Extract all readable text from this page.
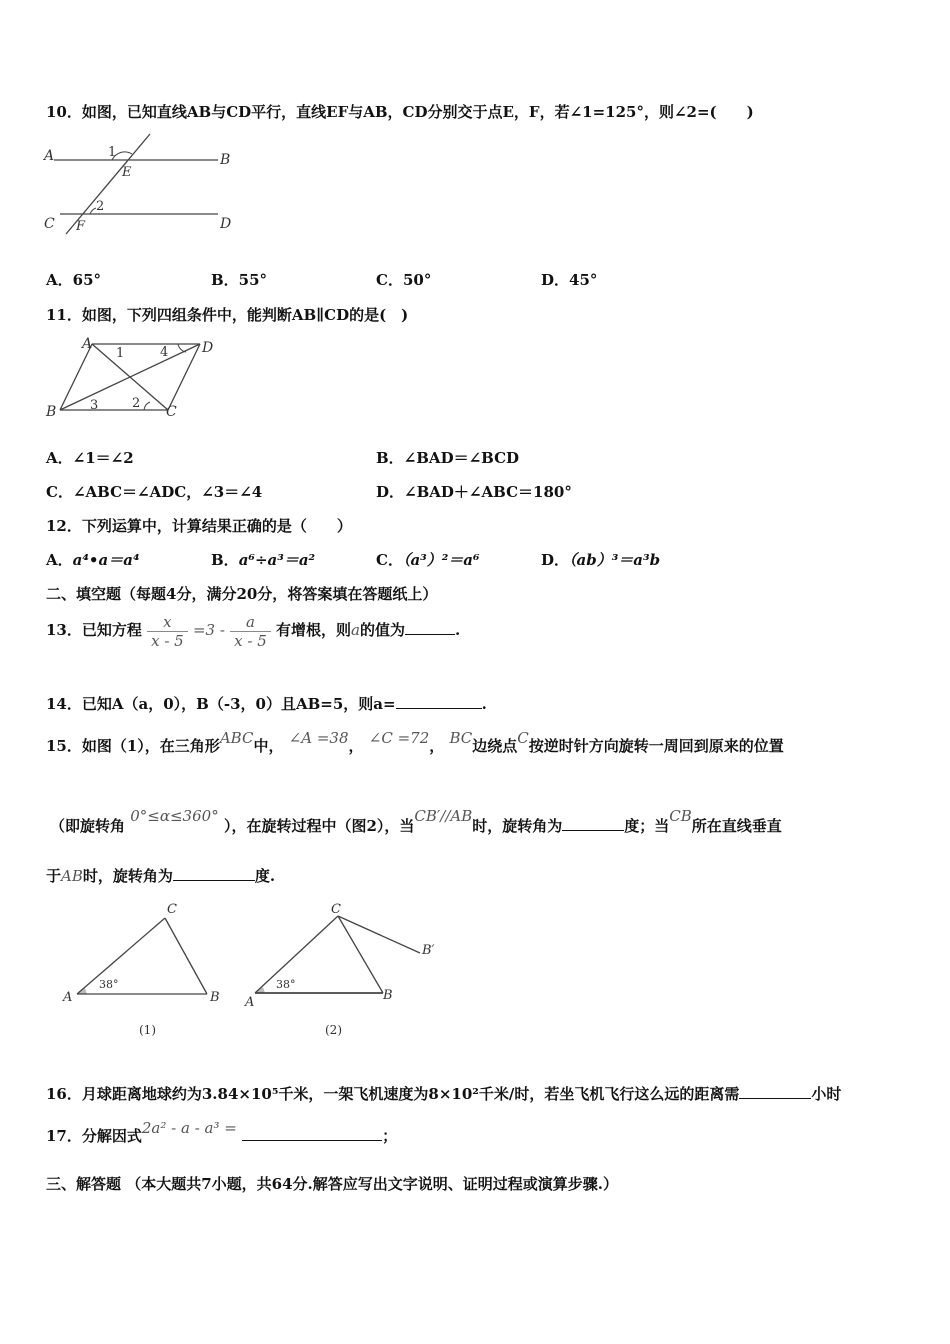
10．如图，已知直线AB与CD平行，直线EF与AB，CD分别交于点E，F，若∠1=125°，则∠2=(　　)
A	B
C	D
E
F
1
2
A．65°	B．55°	C．50°	D．45°
11．如图，下列四组条件中，能判断AB∥CD的是(　)
A	D
B	C
1	4
3	2
A．∠1＝∠2	B．∠BAD＝∠BCD
C．∠ABC＝∠ADC，∠3＝∠4	D．∠BAD＋∠ABC＝180°
12．下列运算中，计算结果正确的是（　　）
A．a⁴•a＝a⁴	B．a⁶÷a³＝a²	C．（a³）²＝a⁶	D．（ab）³＝a³b
二、填空题（每题4分，满分20分，将答案填在答题纸上）
13．已知方程 $\frac{x}{x - 5} =3 - \frac{a}{x - 5}$ 有增根，则a的值为	.
14．已知A（a，0），B（-3，0）且AB=5，则a=	.
15．如图（1），在三角形ABC中， ∠A =38， ∠C =72， BC边绕点C按逆时针方向旋转一周回到原来的位置
（即旋转角 0°≤α≤360° ），在旋转过程中（图2），当CB′//AB时，旋转角为	度；当CB所在直线垂直
于AB时，旋转角为	度.
A	B
C
38°
(1)
A	B
C
B′
38°
(2)
16．月球距离地球约为3.84×10⁵千米，一架飞机速度为8×10²千米/时，若坐飞机飞行这么远的距离需	小时
17．分解因式2a² - a - a³ =	；
三、解答题 （本大题共7小题，共64分.解答应写出文字说明、证明过程或演算步骤.）
